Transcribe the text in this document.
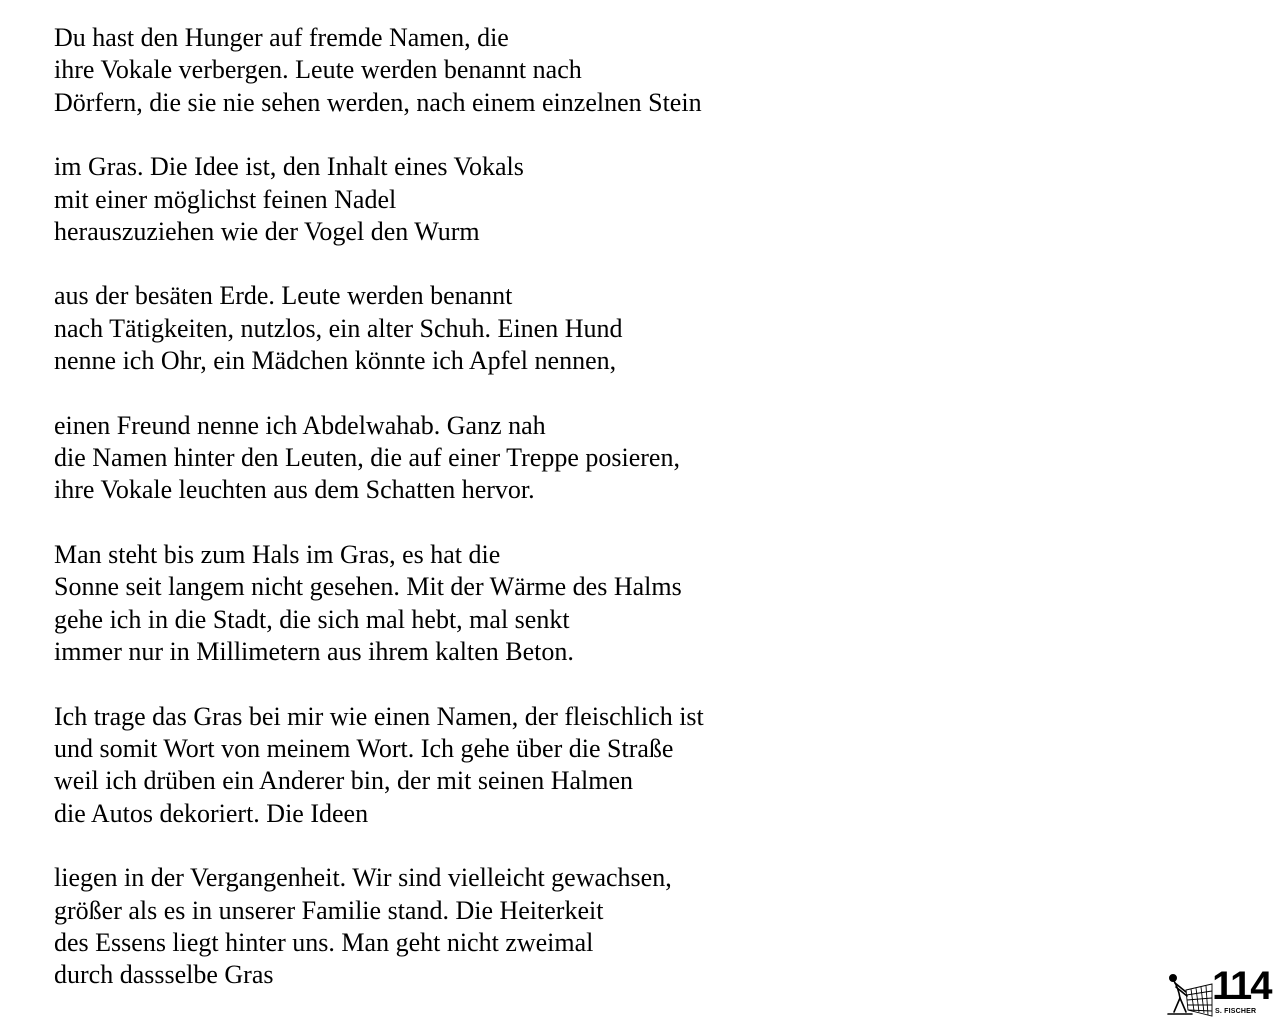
Du hast den Hunger auf fremde Namen, die
ihre Vokale verbergen. Leute werden benannt nach
Dörfern, die sie nie sehen werden, nach einem einzelnen Stein
im Gras. Die Idee ist, den Inhalt eines Vokals
mit einer möglichst feinen Nadel
herauszuziehen wie der Vogel den Wurm
aus der besäten Erde. Leute werden benannt
nach Tätigkeiten, nutzlos, ein alter Schuh. Einen Hund
nenne ich Ohr, ein Mädchen könnte ich Apfel nennen,
einen Freund nenne ich Abdelwahab. Ganz nah
die Namen hinter den Leuten, die auf einer Treppe posieren,
ihre Vokale leuchten aus dem Schatten hervor.
Man steht bis zum Hals im Gras, es hat die
Sonne seit langem nicht gesehen. Mit der Wärme des Halms
gehe ich in die Stadt, die sich mal hebt, mal senkt
immer nur in Millimetern aus ihrem kalten Beton.
Ich trage das Gras bei mir wie einen Namen, der fleischlich ist
und somit Wort von meinem Wort. Ich gehe über die Straße
weil ich drüben ein Anderer bin, der mit seinen Halmen
die Autos dekoriert. Die Ideen
liegen in der Vergangenheit. Wir sind vielleicht gewachsen,
größer als es in unserer Familie stand. Die Heiterkeit
des Essens liegt hinter uns. Man geht nicht zweimal
durch dassselbe Gras	114
S. FISCHER
